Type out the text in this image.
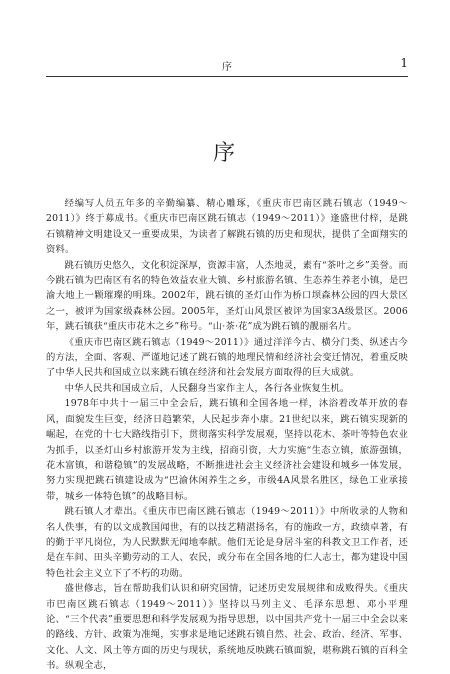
序	1
序

经编写人员五年多的辛勤编纂、精心雕琢，《重庆市巴南区跳石镇志（1949～2011）》终于募成书。《重庆市巴南区跳石镇志（1949～2011）》逢盛世付梓，是跳石镇精神文明建设又一重要成果，为读者了解跳石镇的历史和现状，提供了全面翔实的资料。

跳石镇历史悠久，文化积淀深厚，资源丰富，人杰地灵，素有“茶叶之乡”美誉。而今跳石镇为巴南区有名的特色效益农业大镇、乡村旅游名镇、生态养生养老小镇，是巴渝大地上一颗璀璨的明珠。2002年，跳石镇的圣灯山作为桥口坝森林公园的四大景区之一，被评为国家级森林公园。2005年，圣灯山风景区被评为国家3A级景区。2006年，跳石镇获“重庆市花木之乡”称号。“山·茶·花”成为跳石镇的靓丽名片。

《重庆市巴南区跳石镇志（1949～2011）》通过洋洋今古、横分门类、纵述古今的方法，全面、客观、严谨地记述了跳石镇的地理民情和经济社会变迁情况，着重反映了中华人民共和国成立以来跳石镇在经济和社会发展方面取得的巨大成就。

中华人民共和国成立后，人民翻身当家作主人，各行各业恢复生机。

1978年中共十一届三中全会后，跳石镇和全国各地一样，沐浴着改革开放的春风，面貌发生巨变，经济日趋繁荣，人民起步奔小康。21世纪以来，跳石镇实现新的崛起，在党的十七大路线指引下，贯彻落实科学发展观，坚持以花木、茶叶等特色农业为抓手，以圣灯山乡村旅游开发为主线，招商引资，大力实施“生态立镇，旅游强镇，花木富镇，和谐稳镇”的发展战略，不断推进社会主义经济社会建设和城乡一体发展，努力实现把跳石镇建设成为“巴渝休闲养生之乡，市级4A风景名胜区，绿色工业承接带，城乡一体特色镇”的战略目标。

跳石镇人才辈出。《重庆市巴南区跳石镇志（1949～2011）》中所收录的人物和名人佚事，有的以文成教国闻世，有的以技艺精湛扬名，有的施政一方，政绩卓著，有的勤于平凡岗位，为人民默默无闻地奉献。他们无论是身居斗室的科教文卫工作者，还是在车间、田头辛勤劳动的工人、农民，或分布在全国各地的仁人志士，都为建设中国特色社会主义立下了不朽的功勋。

盛世修志，旨在帮助我们认识和研究国情，记述历史发展规律和成败得失。《重庆市巴南区跳石镇志（1949～2011）》坚持以马列主义、毛泽东思想、邓小平理论、“三个代表”重要思想和科学发展观为指导思想，以中国共产党十一届三中全会以来的路线、方针、政策为准绳，实事求是地记述跳石镇自然、社会、政治、经济、军事、文化、人文、风土等方面的历史与现状，系统地反映跳石镇面貌，堪称跳石镇的百科全书。纵观全志，
